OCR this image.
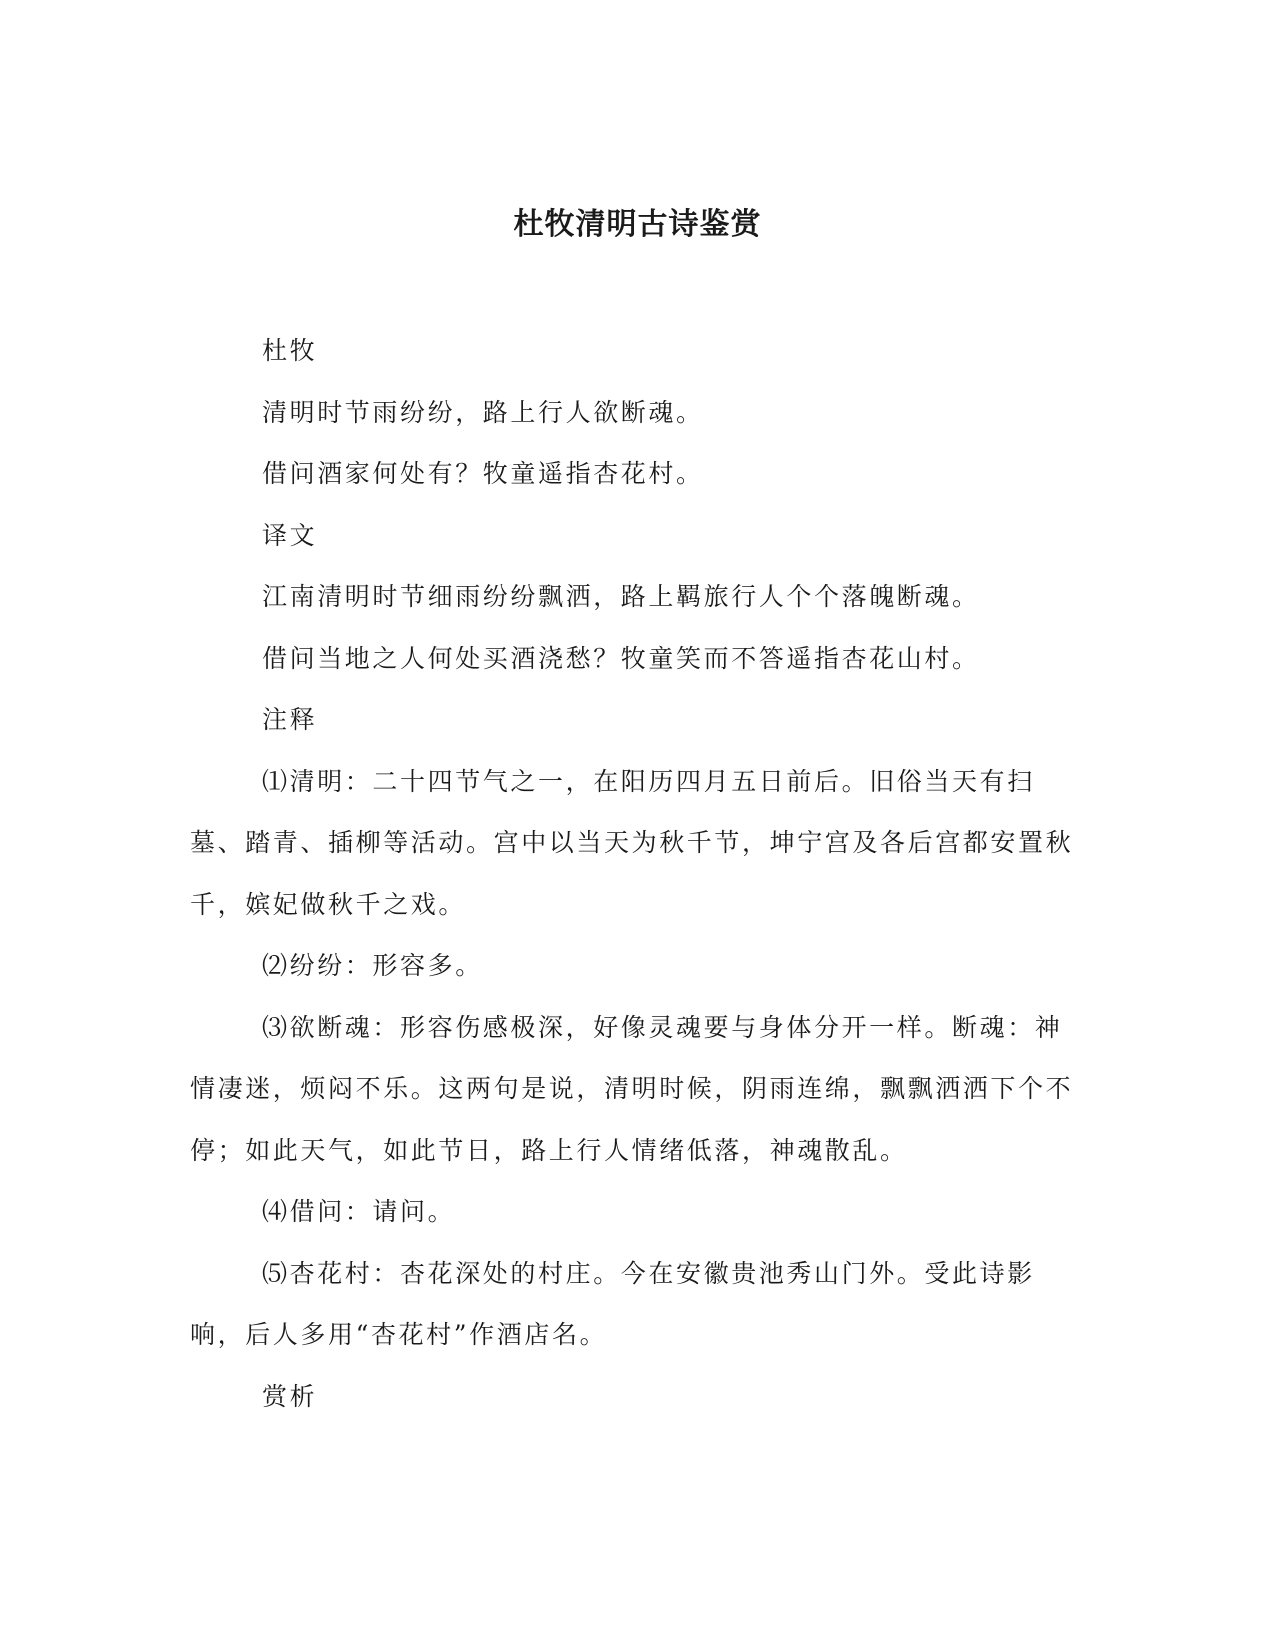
杜牧清明古诗鉴赏

杜牧

清明时节雨纷纷，路上行人欲断魂。

借问酒家何处有？牧童遥指杏花村。

译文

江南清明时节细雨纷纷飘洒，路上羁旅行人个个落魄断魂。

借问当地之人何处买酒浇愁？牧童笑而不答遥指杏花山村。

注释

⑴清明：二十四节气之一，在阳历四月五日前后。旧俗当天有扫墓、踏青、插柳等活动。宫中以当天为秋千节，坤宁宫及各后宫都安置秋千，嫔妃做秋千之戏。

⑵纷纷：形容多。

⑶欲断魂：形容伤感极深，好像灵魂要与身体分开一样。断魂：神情凄迷，烦闷不乐。这两句是说，清明时候，阴雨连绵，飘飘洒洒下个不停；如此天气，如此节日，路上行人情绪低落，神魂散乱。

⑷借问：请问。

⑸杏花村：杏花深处的村庄。今在安徽贵池秀山门外。受此诗影响，后人多用“杏花村”作酒店名。

赏析
